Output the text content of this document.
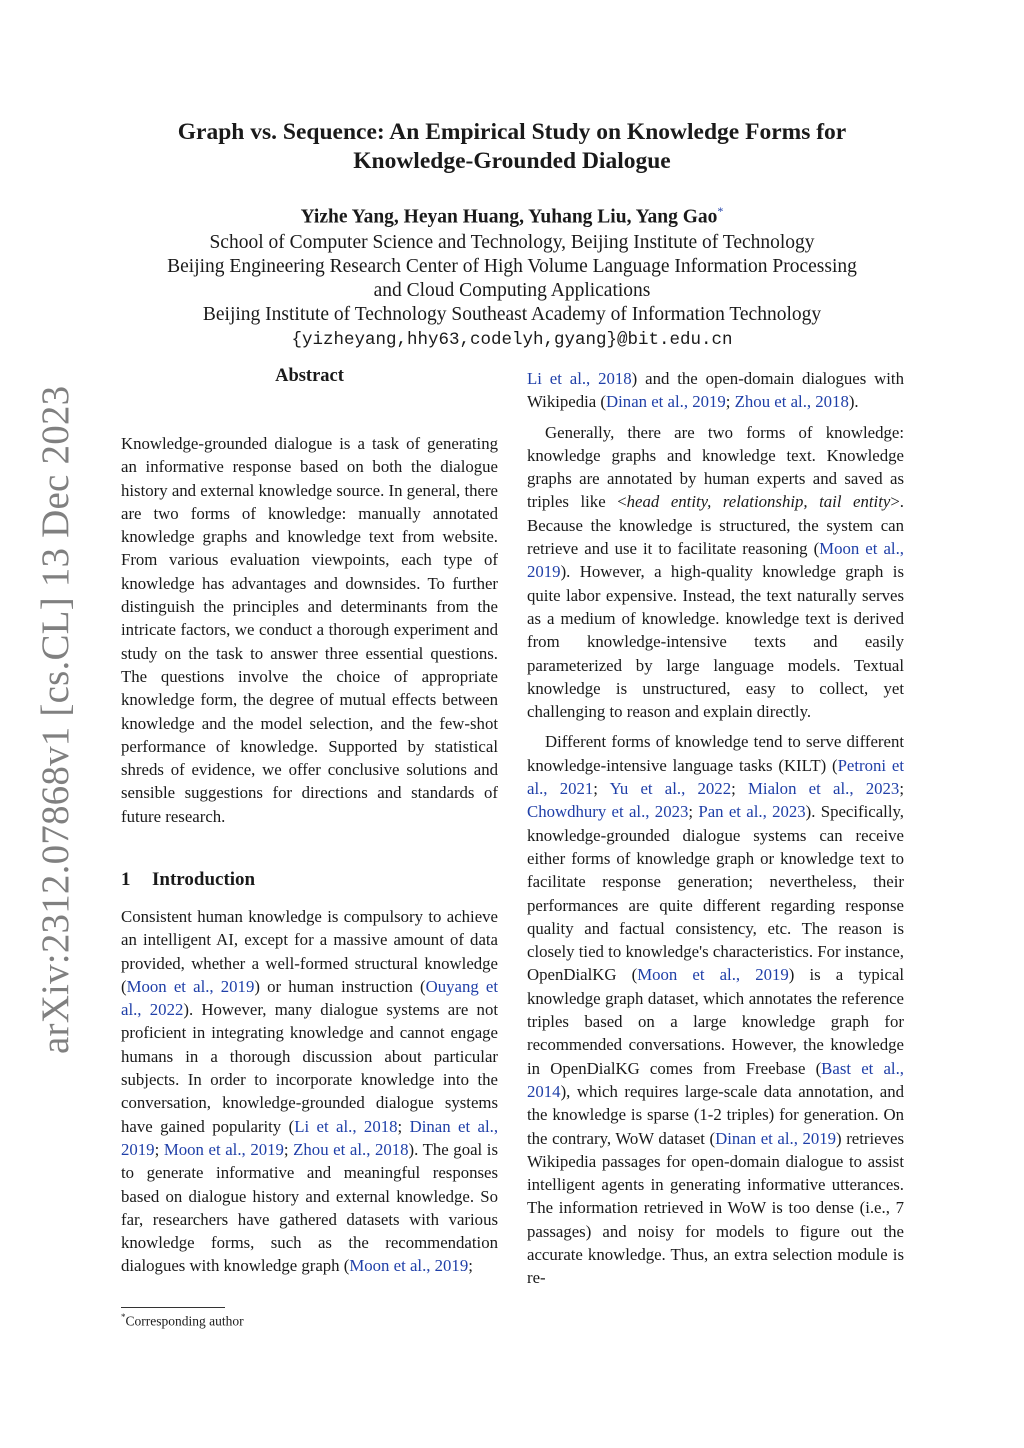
arXiv:2312.07868v1 [cs.CL] 13 Dec 2023
Graph vs. Sequence: An Empirical Study on Knowledge Forms for
Knowledge-Grounded Dialogue
Yizhe Yang, Heyan Huang, Yuhang Liu, Yang Gao*
School of Computer Science and Technology, Beijing Institute of Technology
Beijing Engineering Research Center of High Volume Language Information Processing
and Cloud Computing Applications
Beijing Institute of Technology Southeast Academy of Information Technology
{yizheyang,hhy63,codelyh,gyang}@bit.edu.cn
Abstract

Knowledge-grounded dialogue is a task of generating an informative response based on both the dialogue history and external knowledge source. In general, there are two forms of knowledge: manually annotated knowledge graphs and knowledge text from website. From various evaluation viewpoints, each type of knowledge has advantages and downsides. To further distinguish the principles and determinants from the intricate factors, we conduct a thorough experiment and study on the task to answer three essential questions. The questions involve the choice of appropriate knowledge form, the degree of mutual effects between knowledge and the model selection, and the few-shot performance of knowledge. Supported by statistical shreds of evidence, we offer conclusive solutions and sensible suggestions for directions and standards of future research.

1 Introduction

Consistent human knowledge is compulsory to achieve an intelligent AI, except for a massive amount of data provided, whether a well-formed structural knowledge (Moon et al., 2019) or human instruction (Ouyang et al., 2022). However, many dialogue systems are not proficient in integrating knowledge and cannot engage humans in a thorough discussion about particular subjects. In order to incorporate knowledge into the conversation, knowledge-grounded dialogue systems have gained popularity (Li et al., 2018; Dinan et al., 2019; Moon et al., 2019; Zhou et al., 2018). The goal is to generate informative and meaningful responses based on dialogue history and external knowledge. So far, researchers have gathered datasets with various knowledge forms, such as the recommendation dialogues with knowledge graph (Moon et al., 2019;

*Corresponding author

Li et al., 2018) and the open-domain dialogues with Wikipedia (Dinan et al., 2019; Zhou et al., 2018).

Generally, there are two forms of knowledge: knowledge graphs and knowledge text. Knowledge graphs are annotated by human experts and saved as triples like <head entity, relationship, tail entity>. Because the knowledge is structured, the system can retrieve and use it to facilitate reasoning (Moon et al., 2019). However, a high-quality knowledge graph is quite labor expensive. Instead, the text naturally serves as a medium of knowledge. knowledge text is derived from knowledge-intensive texts and easily parameterized by large language models. Textual knowledge is unstructured, easy to collect, yet challenging to reason and explain directly.

Different forms of knowledge tend to serve different knowledge-intensive language tasks (KILT) (Petroni et al., 2021; Yu et al., 2022; Mialon et al., 2023; Chowdhury et al., 2023; Pan et al., 2023). Specifically, knowledge-grounded dialogue systems can receive either forms of knowledge graph or knowledge text to facilitate response generation; nevertheless, their performances are quite different regarding response quality and factual consistency, etc. The reason is closely tied to knowledge's characteristics. For instance, OpenDialKG (Moon et al., 2019) is a typical knowledge graph dataset, which annotates the reference triples based on a large knowledge graph for recommended conversations. However, the knowledge in OpenDialKG comes from Freebase (Bast et al., 2014), which requires large-scale data annotation, and the knowledge is sparse (1-2 triples) for generation. On the contrary, WoW dataset (Dinan et al., 2019) retrieves Wikipedia passages for open-domain dialogue to assist intelligent agents in generating informative utterances. The information retrieved in WoW is too dense (i.e., 7 passages) and noisy for models to figure out the accurate knowledge. Thus, an extra selection module is re-
